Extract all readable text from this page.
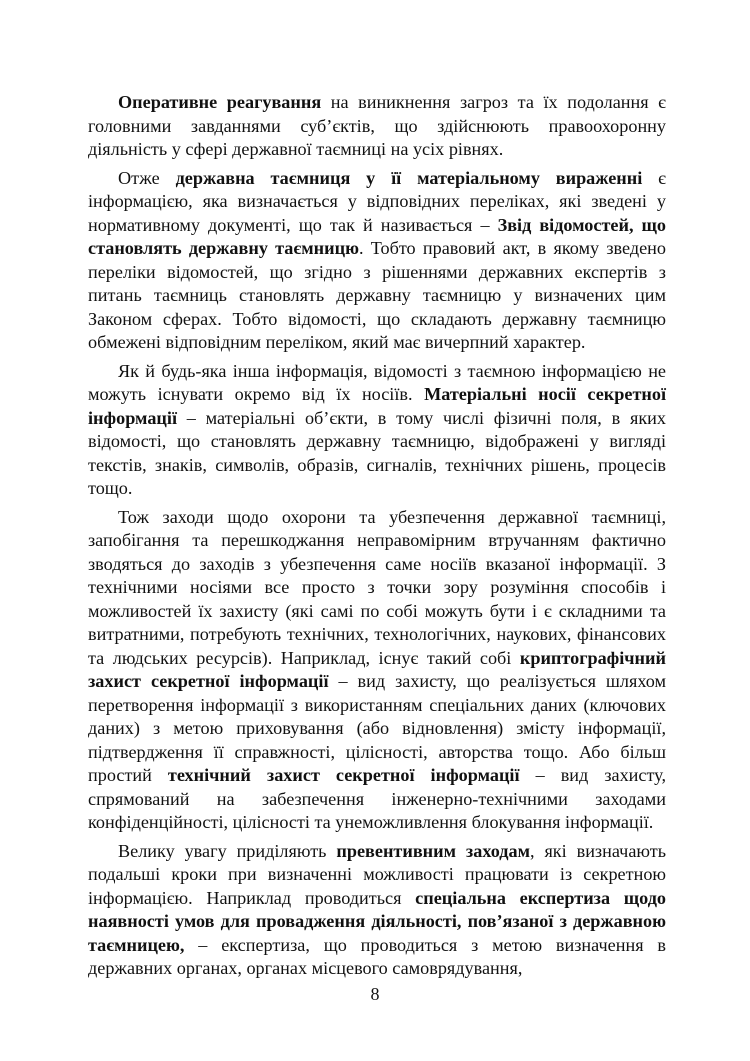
Оперативне реагування на виникнення загроз та їх подолання є головними завданнями суб’єктів, що здійснюють правоохоронну діяльність у сфері державної таємниці на усіх рівнях.

Отже державна таємниця у її матеріальному вираженні є інформацією, яка визначається у відповідних переліках, які зведені у нормативному документі, що так й називається – Звід відомостей, що становлять державну таємницю. Тобто правовий акт, в якому зведено переліки відомостей, що згідно з рішеннями державних експертів з питань таємниць становлять державну таємницю у визначених цим Законом сферах. Тобто відомості, що складають державну таємницю обмежені відповідним переліком, який має вичерпний характер.

Як й будь-яка інша інформація, відомості з таємною інформацією не можуть існувати окремо від їх носіїв. Матеріальні носії секретної інформації – матеріальні об’єкти, в тому числі фізичні поля, в яких відомості, що становлять державну таємницю, відображені у вигляді текстів, знаків, символів, образів, сигналів, технічних рішень, процесів тощо.

Тож заходи щодо охорони та убезпечення державної таємниці, запобігання та перешкоджання неправомірним втручанням фактично зводяться до заходів з убезпечення саме носіїв вказаної інформації. З технічними носіями все просто з точки зору розуміння способів і можливостей їх захисту (які самі по собі можуть бути і є складними та витратними, потребують технічних, технологічних, наукових, фінансових та людських ресурсів). Наприклад, існує такий собі криптографічний захист секретної інформації – вид захисту, що реалізується шляхом перетворення інформації з використанням спеціальних даних (ключових даних) з метою приховування (або відновлення) змісту інформації, підтвердження її справжності, цілісності, авторства тощо. Або більш простий технічний захист секретної інформації – вид захисту, спрямований на забезпечення інженерно-технічними заходами конфіденційності, цілісності та унеможливлення блокування інформації.

Велику увагу приділяють превентивним заходам, які визначають подальші кроки при визначенні можливості працювати із секретною інформацією. Наприклад проводиться спеціальна експертиза щодо наявності умов для провадження діяльності, пов’язаної з державною таємницею, – експертиза, що проводиться з метою визначення в державних органах, органах місцевого самоврядування,

8
